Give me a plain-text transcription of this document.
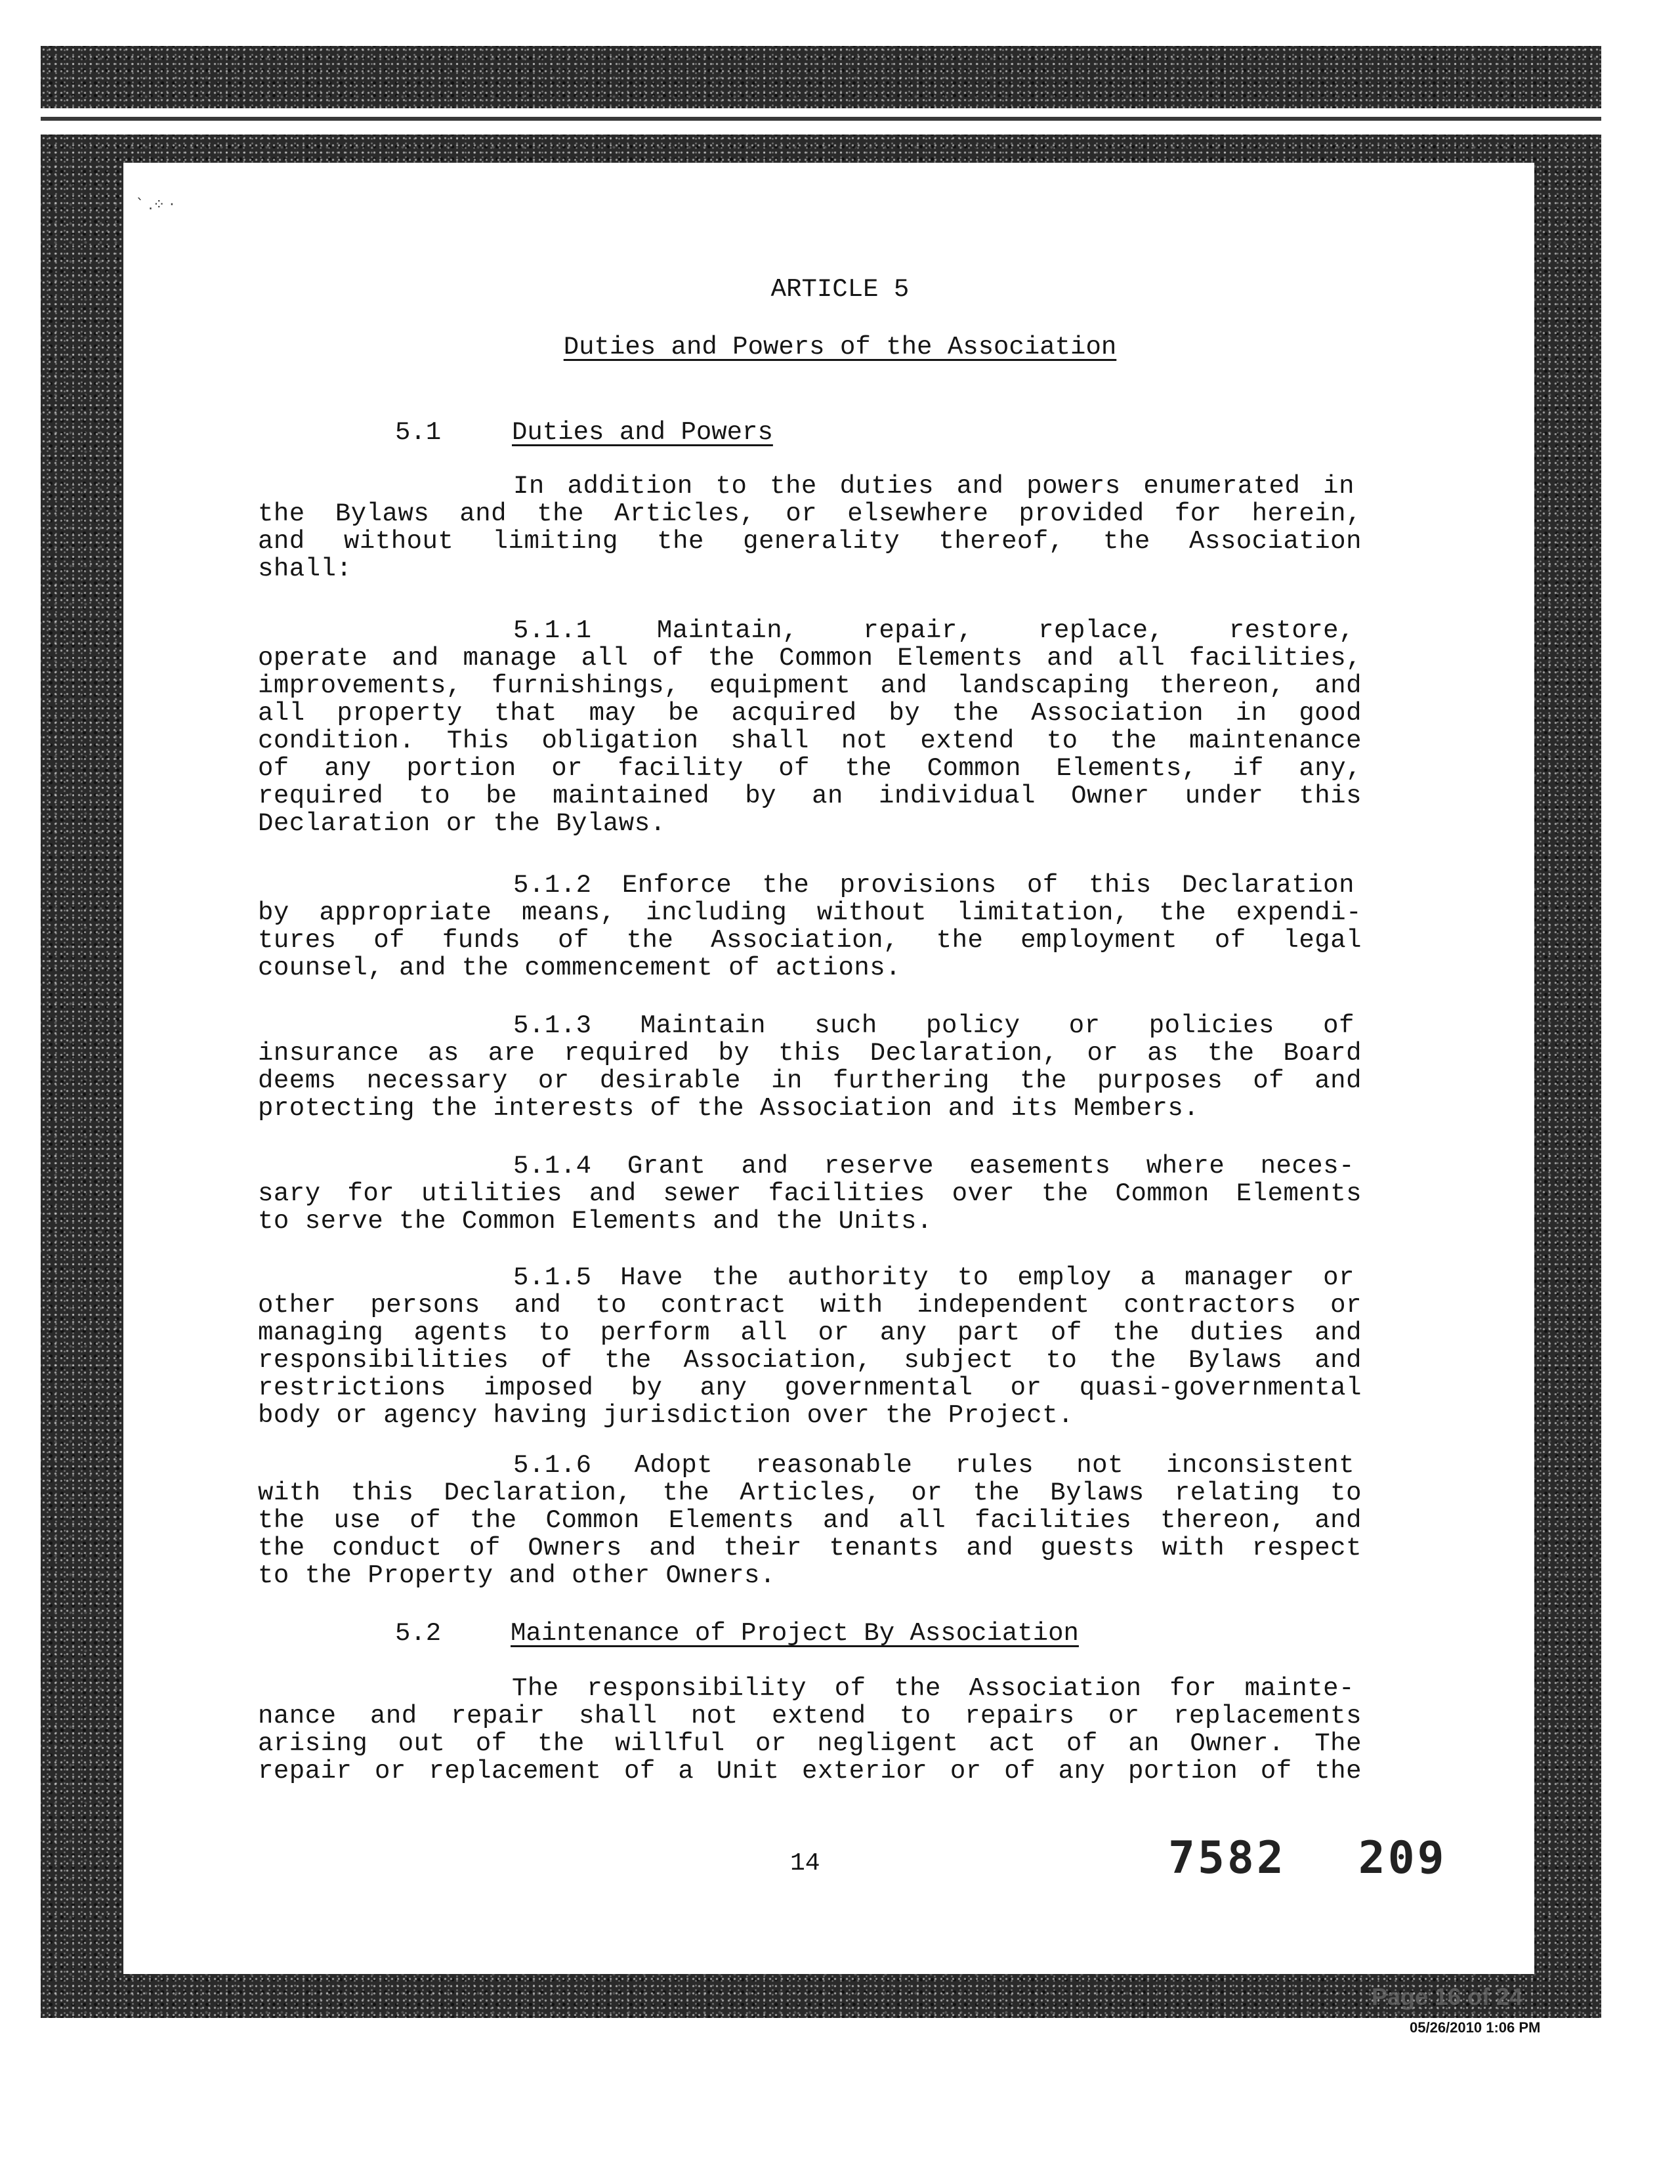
` .⁘ ·
ARTICLE 5
Duties and Powers of the Association
5.1	Duties and Powers
In addition to the duties and powers enumerated in
the Bylaws and the Articles, or elsewhere provided for herein,
and without limiting the generality thereof, the Association
shall:
5.1.1 Maintain, repair, replace, restore,
operate and manage all of the Common Elements and all facilities,
improvements, furnishings, equipment and landscaping thereon, and
all property that may be acquired by the Association in good
condition. This obligation shall not extend to the maintenance
of any portion or facility of the Common Elements, if any,
required to be maintained by an individual Owner under this
Declaration or the Bylaws.
5.1.2 Enforce the provisions of this Declaration
by appropriate means, including without limitation, the expendi-
tures of funds of the Association, the employment of legal
counsel, and the commencement of actions.
5.1.3 Maintain such policy or policies of
insurance as are required by this Declaration, or as the Board
deems necessary or desirable in furthering the purposes of and
protecting the interests of the Association and its Members.
5.1.4 Grant and reserve easements where neces-
sary for utilities and sewer facilities over the Common Elements
to serve the Common Elements and the Units.
5.1.5 Have the authority to employ a manager or
other persons and to contract with independent contractors or
managing agents to perform all or any part of the duties and
responsibilities of the Association, subject to the Bylaws and
restrictions imposed by any governmental or quasi-governmental
body or agency having jurisdiction over the Project.
5.1.6 Adopt reasonable rules not inconsistent
with this Declaration, the Articles, or the Bylaws relating to
the use of the Common Elements and all facilities thereon, and
the conduct of Owners and their tenants and guests with respect
to the Property and other Owners.
5.2	Maintenance of Project By Association
The responsibility of the Association for mainte-
nance and repair shall not extend to repairs or replacements
arising out of the willful or negligent act of an Owner. The
repair or replacement of a Unit exterior or of any portion of the
14	7582 209
Page 16 of 24
05/26/2010 1:06 PM
